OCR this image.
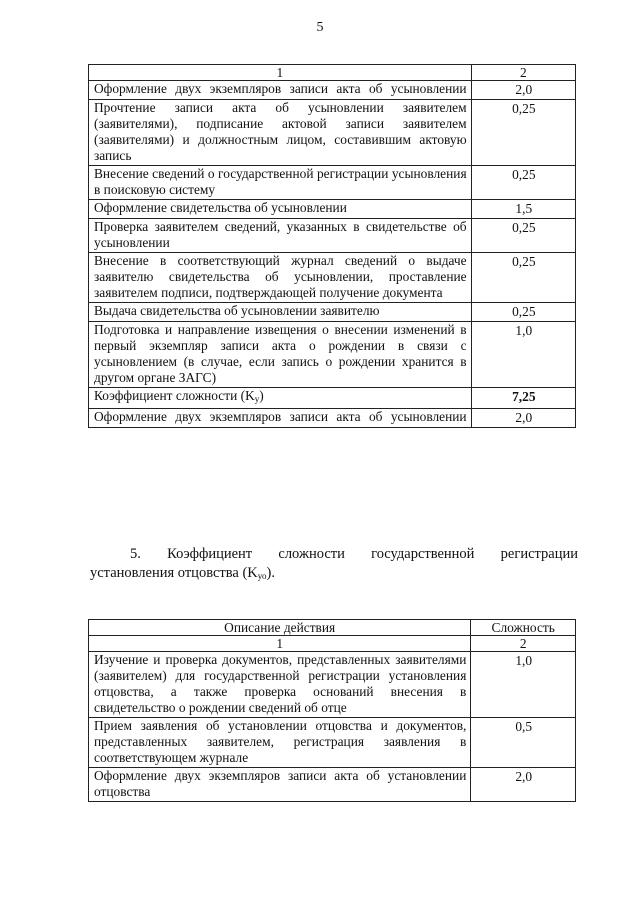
5
1	2
Оформление двух экземпляров записи акта об усыновлении	2,0
Прочтение записи акта об усыновлении заявителем (заявителями), подписание актовой записи заявителем (заявителями) и должностным лицом, составившим актовую запись	0,25
Внесение сведений о государственной регистрации усыновления в поисковую систему	0,25
Оформление свидетельства об усыновлении	1,5
Проверка заявителем сведений, указанных в свидетельстве об усыновлении	0,25
Внесение в соответствующий журнал сведений о выдаче заявителю свидетельства об усыновлении, проставление заявителем подписи, подтверждающей получение документа	0,25
Выдача свидетельства об усыновлении заявителю	0,25
Подготовка и направление извещения о внесении изменений в первый экземпляр записи акта о рождении в связи с усыновлением (в случае, если запись о рождении хранится в другом органе ЗАГС)	1,0
Коэффициент сложности $(K_у)$	7,25
Оформление двух экземпляров записи акта об усыновлении	2,0
5. Коэффициент сложности государственной регистрации
установления отцовства $(K_{уо})$.
Описание действия	Сложность
1	2
Изучение и проверка документов, представленных заявителями (заявителем) для государственной регистрации установления отцовства, а также проверка оснований внесения в свидетельство о рождении сведений об отце	1,0
Прием заявления об установлении отцовства и документов, представленных заявителем, регистрация заявления в соответствующем журнале	0,5
Оформление двух экземпляров записи акта об установлении отцовства	2,0
